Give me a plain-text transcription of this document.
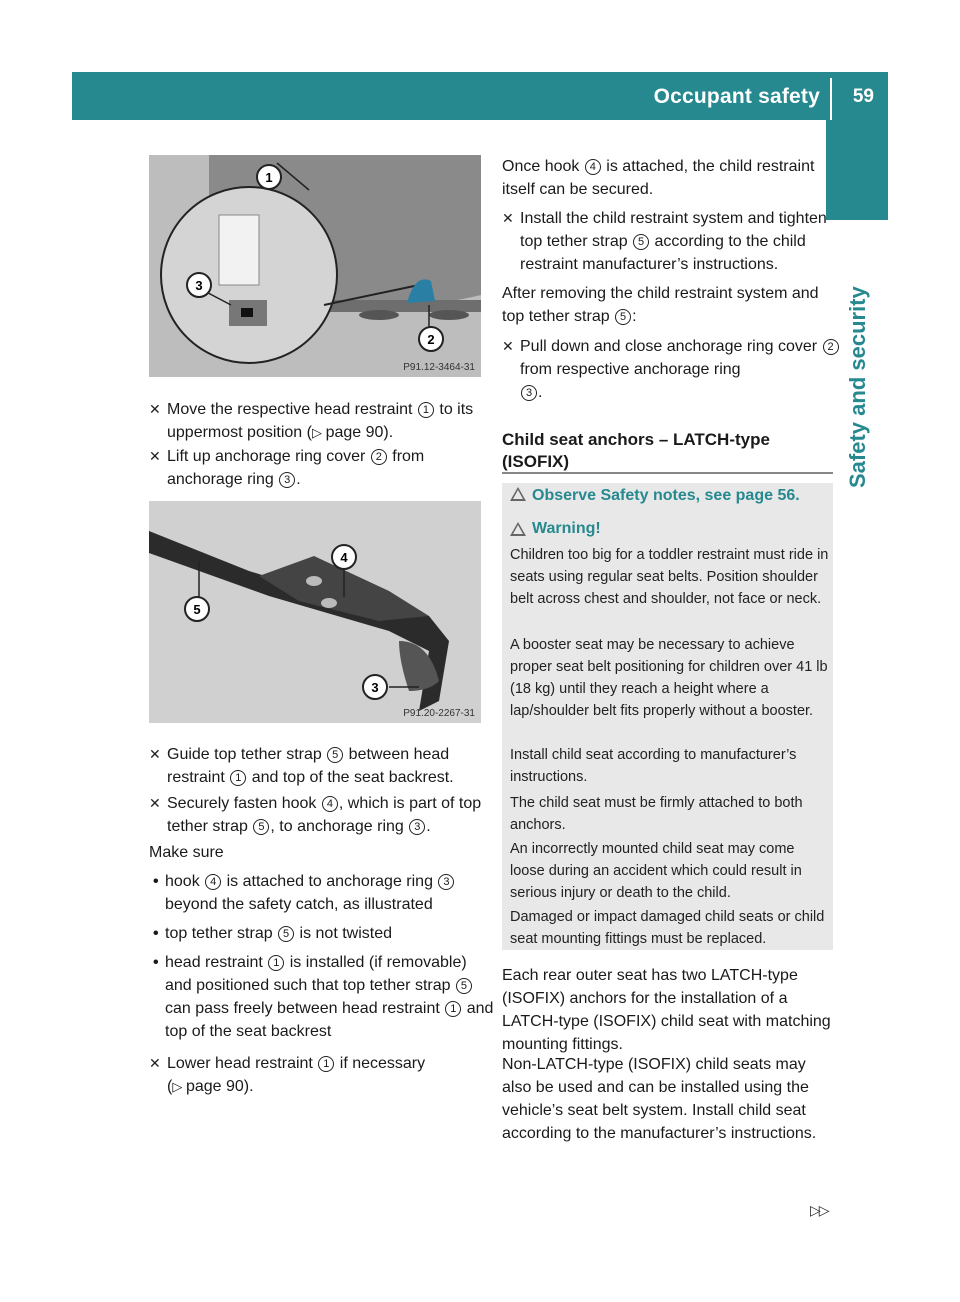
Occupant safety 59
Safety and security
1
2
3
P91.12-3464-31
✕ Move the respective head restraint 1 to its uppermost position (▷ page 90).
✕ Lift up anchorage ring cover 2 from anchorage ring 3 .
4
5
3
P91.20-2267-31
✕ Guide top tether strap 5 between head restraint 1 and top of the seat backrest.
✕ Securely fasten hook 4 , which is part of top tether strap 5 , to anchorage ring 3 .
Make sure
• hook 4 is attached to anchorage ring 3 beyond the safety catch, as illustrated
• top tether strap 5 is not twisted
• head restraint 1 is installed (if removable) and positioned such that top tether strap 5 can pass freely between head restraint 1 and top of the seat backrest
✕ Lower head restraint 1 if necessary
(▷ page 90).
Once hook 4 is attached, the child restraint itself can be secured.
✕ Install the child restraint system and tighten top tether strap 5 according to the child restraint manufacturer’s instructions.
After removing the child restraint system and top tether strap 5 :
✕ Pull down and close anchorage ring cover 2 from respective anchorage ring
3 .
Child seat anchors – LATCH-type (ISOFIX)
Observe Safety notes, see page 56.
Warning!
Children too big for a toddler restraint must ride in seats using regular seat belts. Position shoulder belt across chest and shoulder, not face or neck.
A booster seat may be necessary to achieve proper seat belt positioning for children over 41 lb (18 kg) until they reach a height where a lap/shoulder belt fits properly without a booster.
Install child seat according to manufacturer’s instructions.
The child seat must be firmly attached to both anchors.
An incorrectly mounted child seat may come loose during an accident which could result in serious injury or death to the child.
Damaged or impact damaged child seats or child seat mounting fittings must be replaced.
Each rear outer seat has two LATCH-type (ISOFIX) anchors for the installation of a LATCH-type (ISOFIX) child seat with matching mounting fittings.
Non-LATCH-type (ISOFIX) child seats may also be used and can be installed using the vehicle’s seat belt system. Install child seat according to the manufacturer’s instructions.
▷▷
